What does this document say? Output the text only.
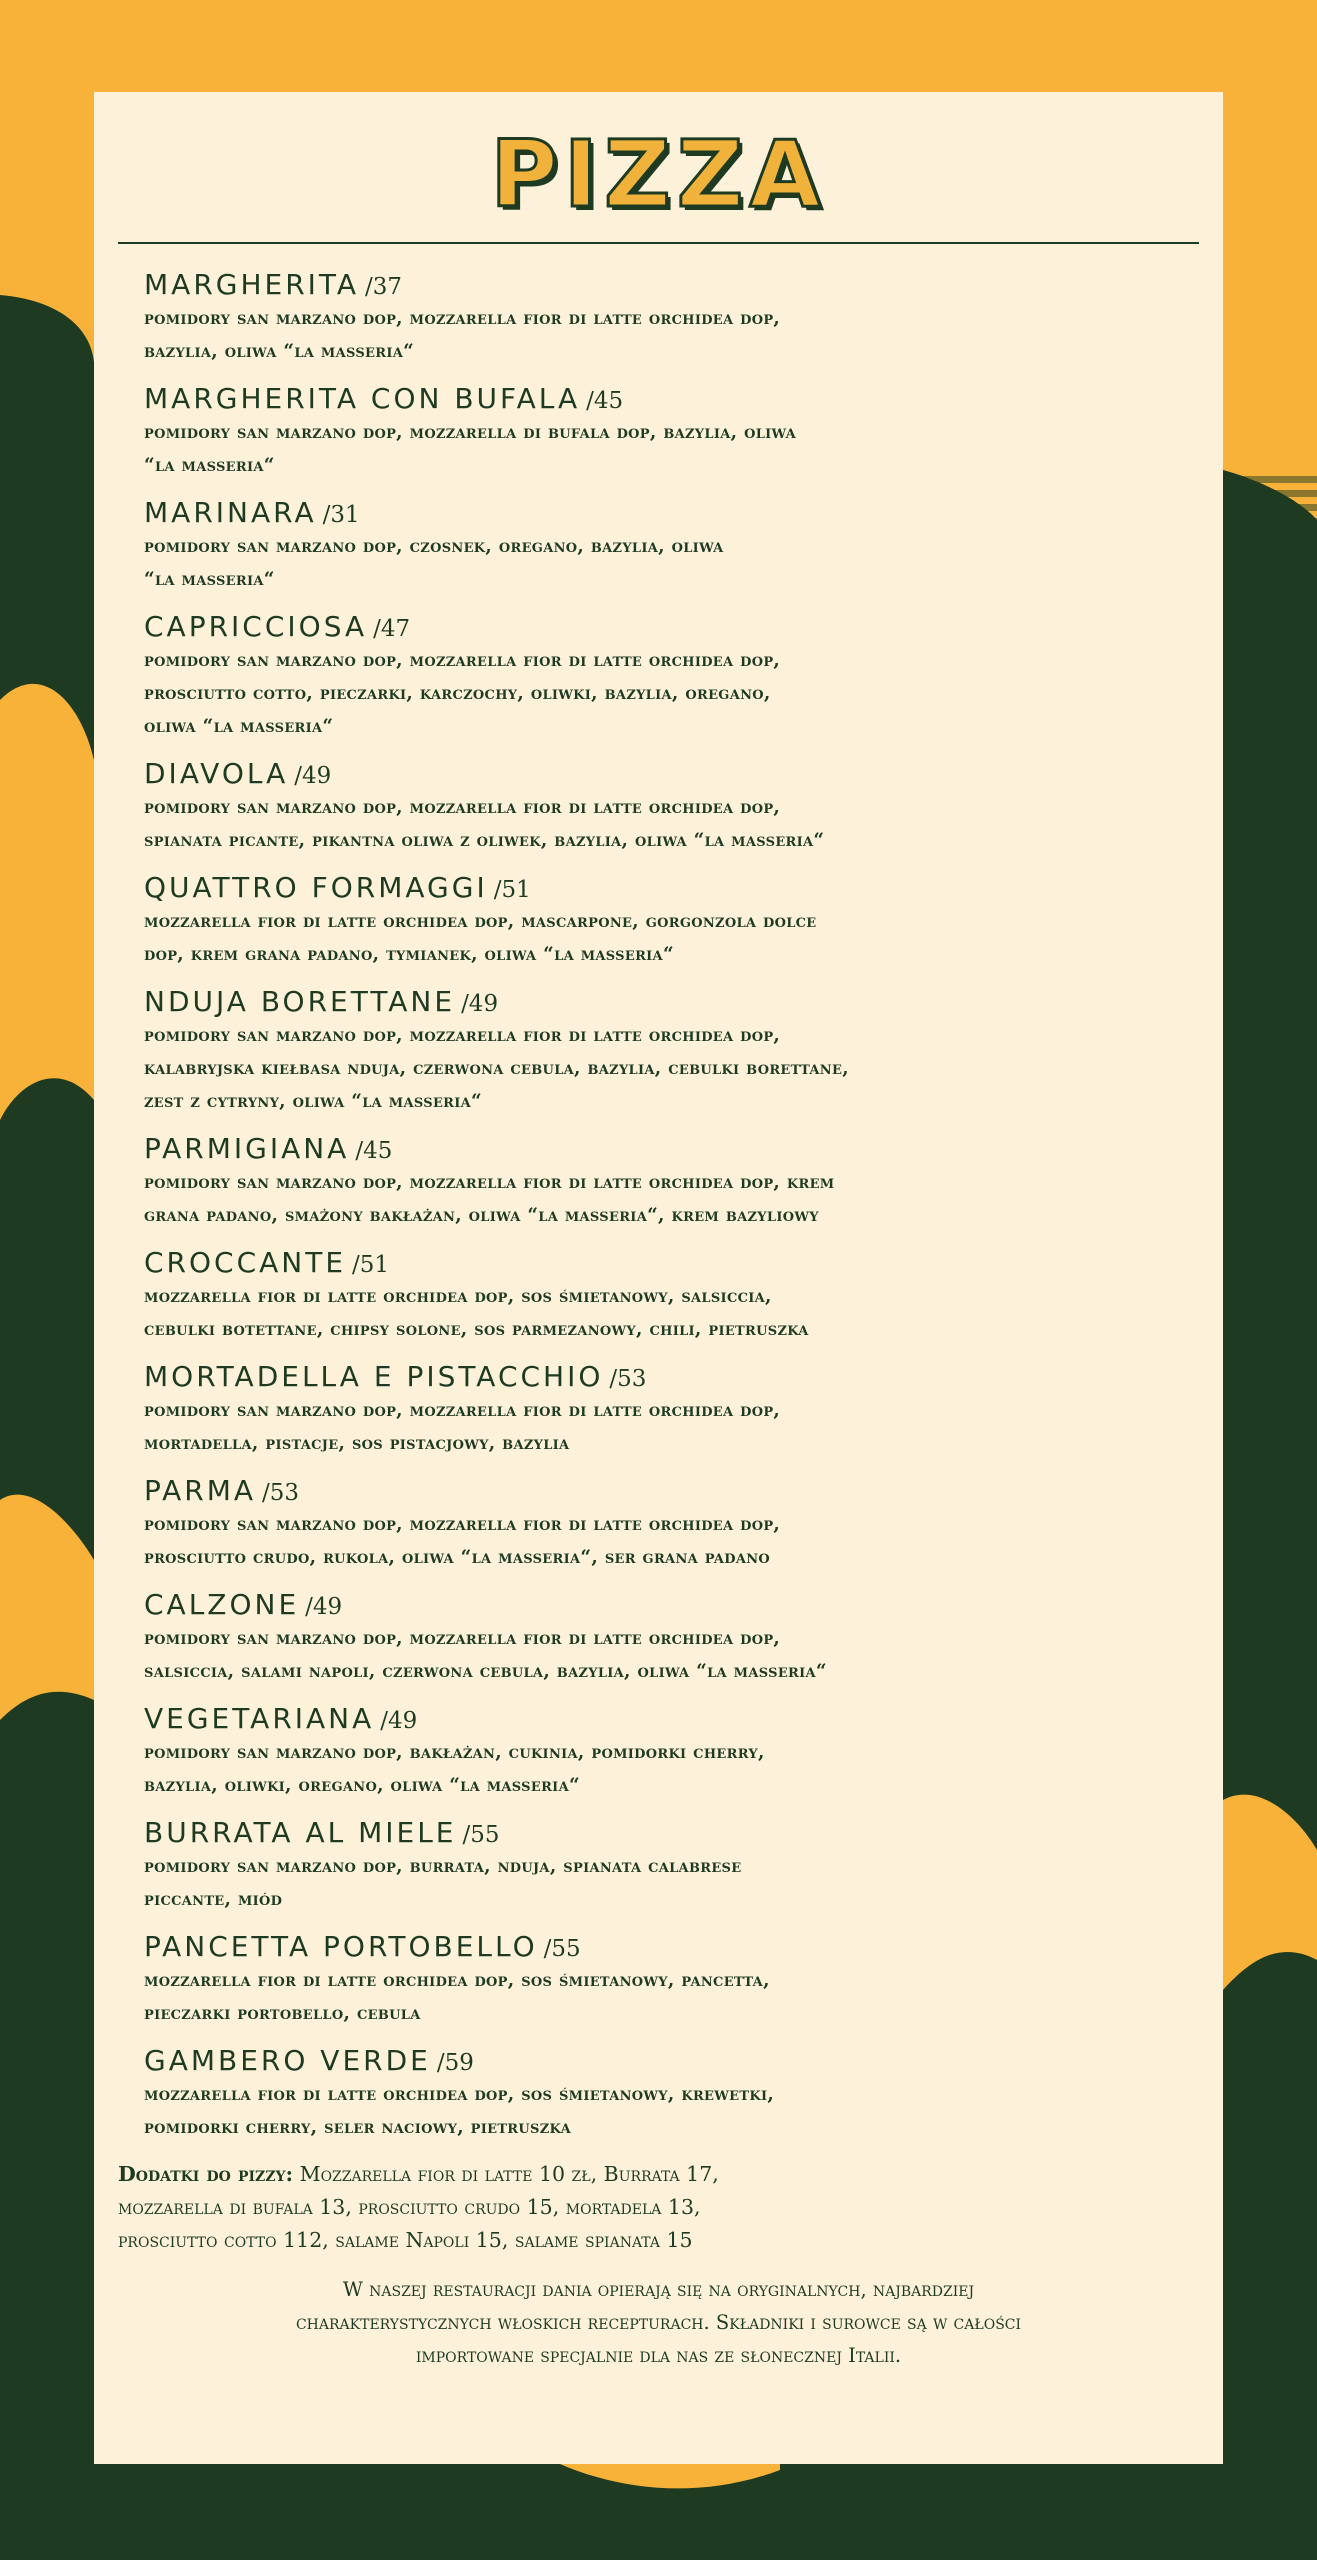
PIZZA
MARGHERITA /37
pomidory san marzano dop, mozzarella fior di latte orchidea dop,
bazylia, oliwa “la masseria“
MARGHERITA CON BUFALA /45
pomidory san marzano dop, mozzarella di bufala dop, bazylia, oliwa
“la masseria“
MARINARA /31
pomidory san marzano dop, czosnek, oregano, bazylia, oliwa
“la masseria“
CAPRICCIOSA /47
pomidory san marzano dop, mozzarella fior di latte orchidea dop,
prosciutto cotto, pieczarki, karczochy, oliwki, bazylia, oregano,
oliwa “la masseria“
DIAVOLA /49
pomidory san marzano dop, mozzarella fior di latte orchidea dop,
spianata picante, pikantna oliwa z oliwek, bazylia, oliwa “la masseria“
QUATTRO FORMAGGI /51
mozzarella fior di latte orchidea dop, mascarpone, gorgonzola dolce
dop, krem grana padano, tymianek, oliwa “la masseria“
NDUJA BORETTANE /49
pomidory san marzano dop, mozzarella fior di latte orchidea dop,
kalabryjska kiełbasa nduja, czerwona cebula, bazylia, cebulki borettane,
zest z cytryny, oliwa “la masseria“
PARMIGIANA /45
pomidory san marzano dop, mozzarella fior di latte orchidea dop, krem
grana padano, smażony bakłażan, oliwa “la masseria“, krem bazyliowy
CROCCANTE /51
mozzarella fior di latte orchidea dop, sos śmietanowy, salsiccia,
cebulki botettane, chipsy solone, sos parmezanowy, chili, pietruszka
MORTADELLA E PISTACCHIO /53
pomidory san marzano dop, mozzarella fior di latte orchidea dop,
mortadella, pistacje, sos pistacjowy, bazylia
PARMA /53
pomidory san marzano dop, mozzarella fior di latte orchidea dop,
prosciutto crudo, rukola, oliwa “la masseria“, ser grana padano
CALZONE /49
pomidory san marzano dop, mozzarella fior di latte orchidea dop,
salsiccia, salami napoli, czerwona cebula, bazylia, oliwa “la masseria“
VEGETARIANA /49
pomidory san marzano dop, bakłażan, cukinia, pomidorki cherry,
bazylia, oliwki, oregano, oliwa “la masseria“
BURRATA AL MIELE /55
pomidory san marzano dop, burrata, nduja, spianata calabrese
piccante, miód
PANCETTA PORTOBELLO /55
mozzarella fior di latte orchidea dop, sos śmietanowy, pancetta,
pieczarki portobello, cebula
GAMBERO VERDE /59
mozzarella fior di latte orchidea dop, sos śmietanowy, krewetki,
pomidorki cherry, seler naciowy, pietruszka
Dodatki do pizzy: Mozzarella fior di latte 10 zł, Burrata 17,
mozzarella di bufala 13, prosciutto crudo 15, mortadela 13,
prosciutto cotto 112, salame Napoli 15, salame spianata 15
W naszej restauracji dania opierają się na oryginalnych, najbardziej
charakterystycznych włoskich recepturach. Składniki i surowce są w całości
importowane specjalnie dla nas ze słonecznej Italii.
